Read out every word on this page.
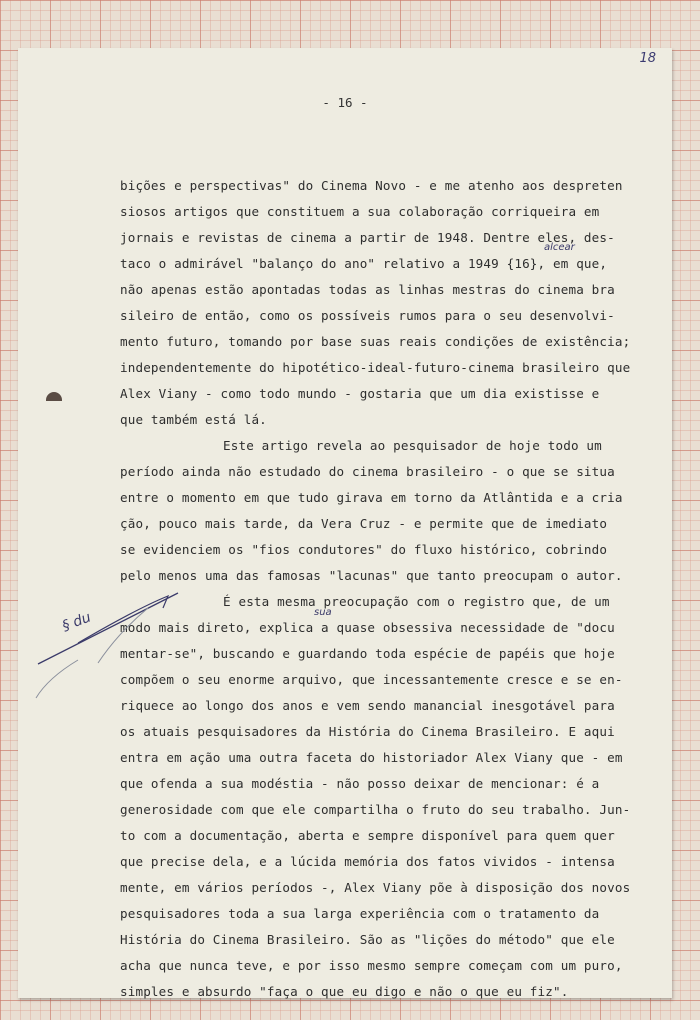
18
- 16 -
bições e perspectivas" do Cinema Novo - e me atenho aos despreten
siosos artigos que constituem a sua colaboração corriqueira em
jornais e revistas de cinema a partir de 1948. Dentre eles, des-
taco o admirável "balanço do ano" relativo a 1949 {16}, em que,
não apenas estão apontadas todas as linhas mestras do cinema bra
sileiro de então, como os possíveis rumos para o seu desenvolvi-
mento futuro, tomando por base suas reais condições de existência;
independentemente do hipotético-ideal-futuro-cinema brasileiro que
Alex Viany - como todo mundo - gostaria que um dia existisse e
que também está lá.
Este artigo revela ao pesquisador de hoje todo um
período ainda não estudado do cinema brasileiro - o que se situa
entre o momento em que tudo girava em torno da Atlântida e a cria
ção, pouco mais tarde, da Vera Cruz - e permite que de imediato
se evidenciem os "fios condutores" do fluxo histórico, cobrindo
pelo menos uma das famosas "lacunas" que tanto preocupam o autor.
É esta mesma preocupação com o registro que, de um
modo mais direto, explica a quase obsessiva necessidade de "docu
mentar-se", buscando e guardando toda espécie de papéis que hoje
compõem o seu enorme arquivo, que incessantemente cresce e se en-
riquece ao longo dos anos e vem sendo manancial inesgotável para
os atuais pesquisadores da História do Cinema Brasileiro. E aqui
entra em ação uma outra faceta do historiador Alex Viany que - em
que ofenda a sua modéstia - não posso deixar de mencionar: é a
generosidade com que ele compartilha o fruto do seu trabalho. Jun-
to com a documentação, aberta e sempre disponível para quem quer
que precise dela, e a lúcida memória dos fatos vividos - intensa
mente, em vários períodos -, Alex Viany põe à disposição dos novos
pesquisadores toda a sua larga experiência com o tratamento da
História do Cinema Brasileiro. São as "lições do método" que ele
acha que nunca teve, e por isso mesmo sempre começam com um puro,
simples e absurdo "faça o que eu digo e não o que eu fiz".
alcear
sua
§ du
